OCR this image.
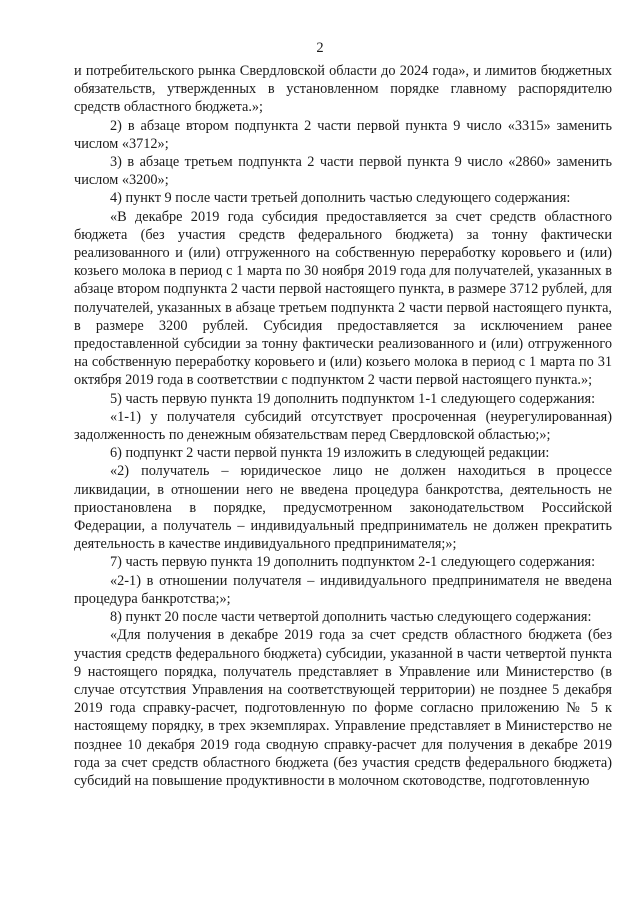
2

и потребительского рынка Свердловской области до 2024 года», и лимитов бюджетных обязательств, утвержденных в установленном порядке главному распорядителю средств областного бюджета.»;

2) в абзаце втором подпункта 2 части первой пункта 9 число «3315» заменить числом «3712»;

3) в абзаце третьем подпункта 2 части первой пункта 9 число «2860» заменить числом «3200»;

4) пункт 9 после части третьей дополнить частью следующего содержания:

«В декабре 2019 года субсидия предоставляется за счет средств областного бюджета (без участия средств федерального бюджета) за тонну фактически реализованного и (или) отгруженного на собственную переработку коровьего и (или) козьего молока в период с 1 марта по 30 ноября 2019 года для получателей, указанных в абзаце втором подпункта 2 части первой настоящего пункта, в размере 3712 рублей, для получателей, указанных в абзаце третьем подпункта 2 части первой настоящего пункта, в размере 3200 рублей. Субсидия предоставляется за исключением ранее предоставленной субсидии за тонну фактически реализованного и (или) отгруженного на собственную переработку коровьего и (или) козьего молока в период с 1 марта по 31 октября 2019 года в соответствии с подпунктом 2 части первой настоящего пункта.»;

5) часть первую пункта 19 дополнить подпунктом 1-1 следующего содержания:

«1-1) у получателя субсидий отсутствует просроченная (неурегулированная) задолженность по денежным обязательствам перед Свердловской областью;»;

6) подпункт 2 части первой пункта 19 изложить в следующей редакции:

«2) получатель – юридическое лицо не должен находиться в процессе ликвидации, в отношении него не введена процедура банкротства, деятельность не приостановлена в порядке, предусмотренном законодательством Российской Федерации, а получатель – индивидуальный предприниматель не должен прекратить деятельность в качестве индивидуального предпринимателя;»;

7) часть первую пункта 19 дополнить подпунктом 2-1 следующего содержания:

«2-1) в отношении получателя – индивидуального предпринимателя не введена процедура банкротства;»;

8) пункт 20 после части четвертой дополнить частью следующего содержания:

«Для получения в декабре 2019 года за счет средств областного бюджета (без участия средств федерального бюджета) субсидии, указанной в части четвертой пункта 9 настоящего порядка, получатель представляет в Управление или Министерство (в случае отсутствия Управления на соответствующей территории) не позднее 5 декабря 2019 года справку-расчет, подготовленную по форме согласно приложению № 5 к настоящему порядку, в трех экземплярах. Управление представляет в Министерство не позднее 10 декабря 2019 года сводную справку-расчет для получения в декабре 2019 года за счет средств областного бюджета (без участия средств федерального бюджета) субсидий на повышение продуктивности в молочном скотоводстве, подготовленную
